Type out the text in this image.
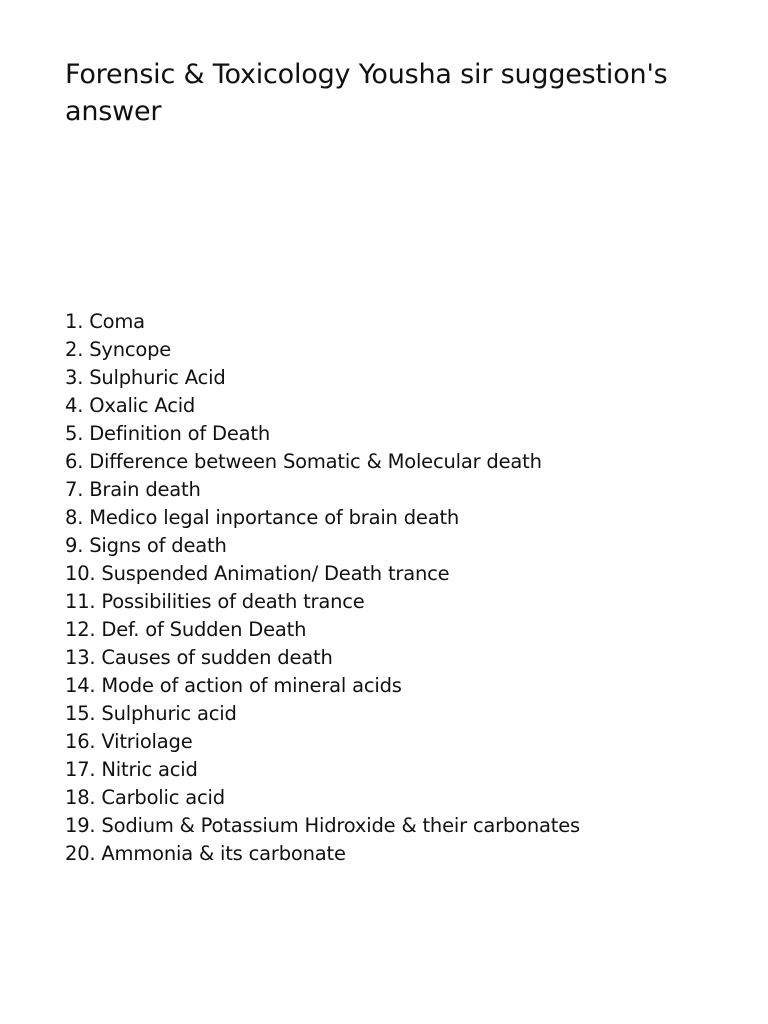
Forensic & Toxicology Yousha sir suggestion's answer
1. Coma
2. Syncope
3. Sulphuric Acid
4. Oxalic Acid
5. Definition of Death
6. Difference between Somatic & Molecular death
7. Brain death
8. Medico legal inportance of brain death
9. Signs of death
10. Suspended Animation/ Death trance
11. Possibilities of death trance
12. Def. of Sudden Death
13. Causes of sudden death
14. Mode of action of mineral acids
15. Sulphuric acid
16. Vitriolage
17. Nitric acid
18. Carbolic acid
19. Sodium & Potassium Hidroxide & their carbonates
20. Ammonia & its carbonate
